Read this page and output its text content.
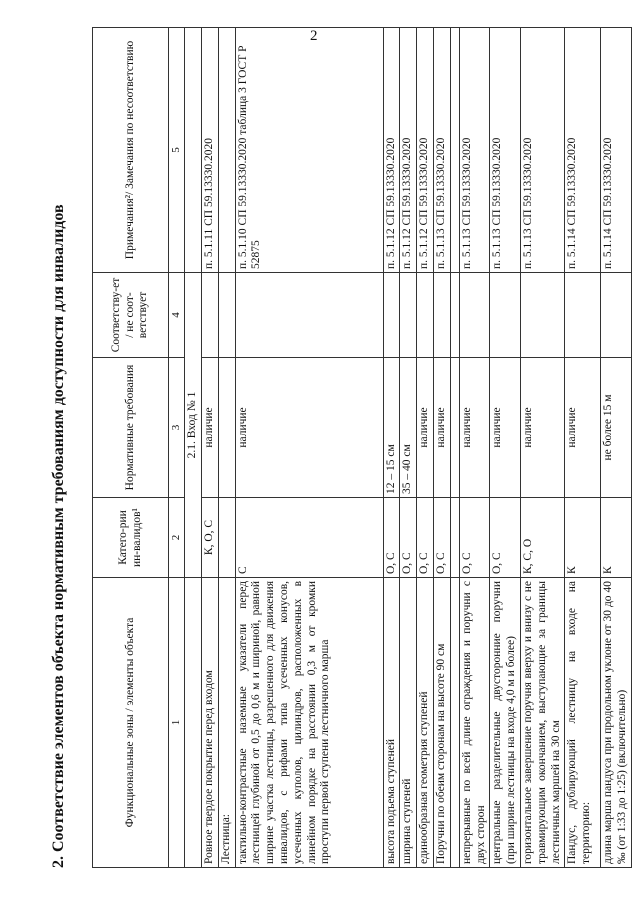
2
2. Соответствие элементов объекта нормативным требованиям доступности для инвалидов	Функциональные зоны / элементы объекта	Катего-рии ин-валидов¹	Нормативные требования	Соответству-ет / не соот-ветствует	Примечания²/ Замечания по несоответствию
1	2	3	4	5
	2.1. Вход № 1			
Ровное твердое покрытие перед входом	К, О, С	наличие		п. 5.1.11 СП 59.13330.2020
Лестница:				
тактильно-контрастные наземные указатели перед лестницей глубиной от 0,5 до 0,6 м и шириной, равной ширине участка лестницы, разрешенного для движения инвалидов, с рифами типа усеченных конусов, усеченных куполов, цилиндров, расположенных в линейном порядке на расстоянии 0,3 м от кромки проступи первой ступени лестничного марша	С	наличие		п. 5.1.10 СП 59.13330.2020 таблица 3 ГОСТ Р 52875
высота подъема ступеней	О, С	12 – 15 см		п. 5.1.12 СП 59.13330.2020
ширина ступеней	О, С	35 – 40 см		п. 5.1.12 СП 59.13330.2020
единообразная геометрия ступеней	О, С	наличие		п. 5.1.12 СП 59.13330.2020
Поручни по обеим сторонам на высоте 90 см	О, С	наличие		п. 5.1.13 СП 59.13330.2020

непрерывные по всей длине ограждения и поручни с двух сторон	О, С	наличие		п. 5.1.13 СП 59.13330.2020
центральные разделительные двусторонние поручни (при ширине лестницы на входе 4,0 м и более)	О, С	наличие		п. 5.1.13 СП 59.13330.2020
горизонтальное завершение поручня вверху и внизу с не травмирующим окончанием, выступающие за границы лестничных маршей на 30 см	К, С, О	наличие		п. 5.1.13 СП 59.13330.2020
Пандус, дублирующий лестницу на входе на территорию:	К	наличие		п. 5.1.14 СП 59.13330.2020
длина марша пандуса при продольном уклоне от 30 до 40 ‰ (от 1:33 до 1:25) (включительно)	К	не более 15 м		п. 5.1.14 СП 59.13330.2020
